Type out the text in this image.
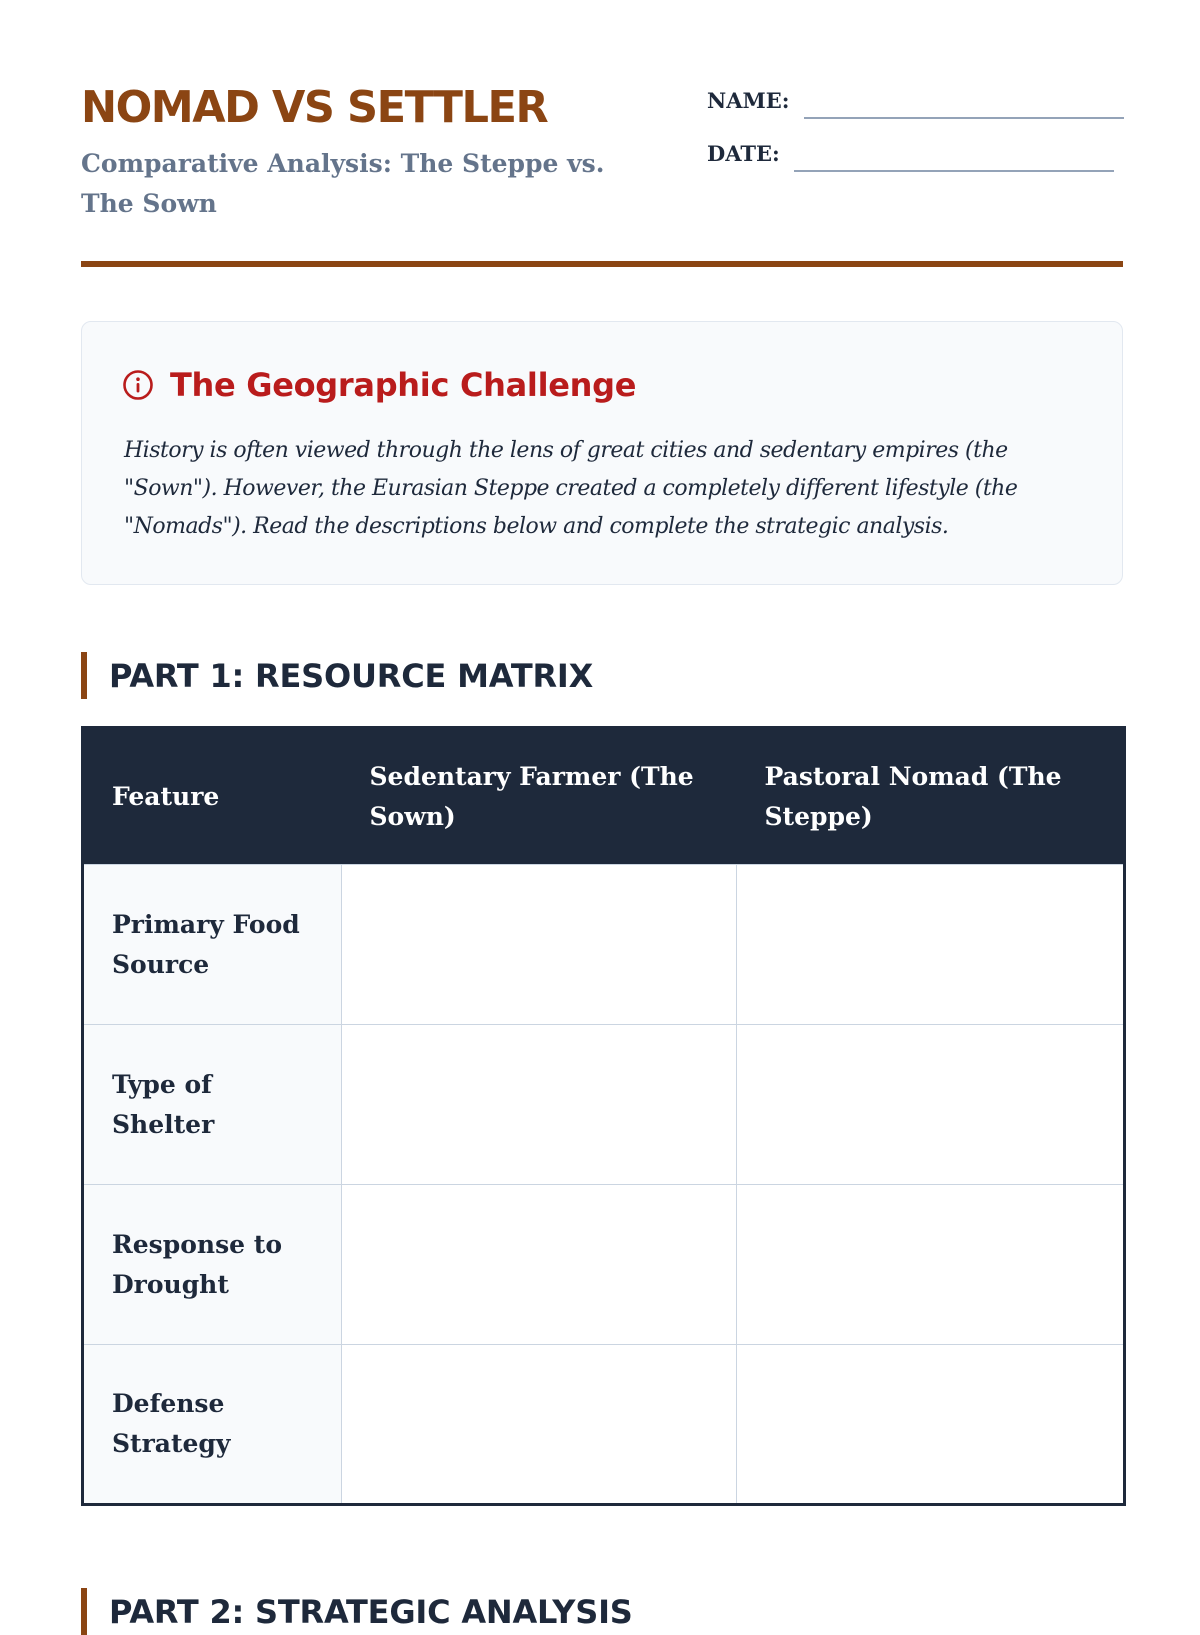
NOMAD VS SETTLER
Comparative Analysis: The Steppe vs. The Sown
NAME:
DATE:
The Geographic Challenge

History is often viewed through the lens of great cities and sedentary empires (the "Sown"). However, the Eurasian Steppe created a completely different lifestyle (the "Nomads"). Read the descriptions below and complete the strategic analysis.

PART 1: RESOURCE MATRIX
Feature	Sedentary Farmer (The Sown)	Pastoral Nomad (The Steppe)
Primary Food Source		
Type of Shelter		
Response to Drought		
Defense Strategy		
PART 2: STRATEGIC ANALYSIS
